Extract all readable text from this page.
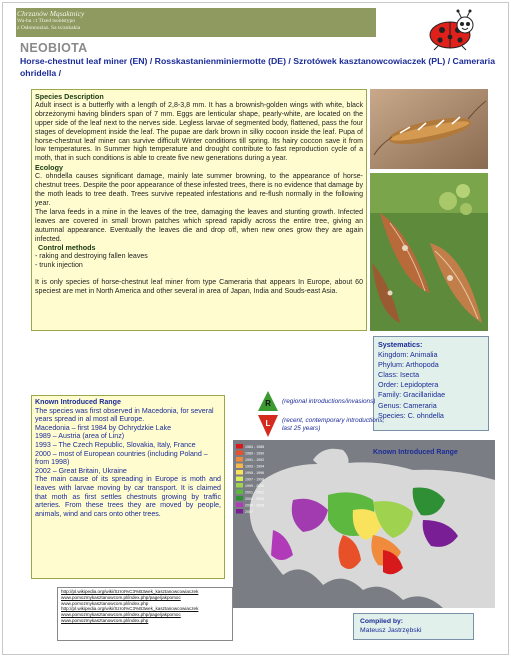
Chrzanów Mąsaktnicy
Wa-ba ::t Tlzed tsonłstypo
z Osłonnoziaz. Sa ts/ankakia
NEOBIOTA
Horse-chestnut leaf miner (EN) / Rosskastanienminiermotte (DE) / Szrotówek kasztanowcowiaczek (PL) / Cameraria ohridella /
Species Description

Adult insect is a butterfly with a length of 2,8-3,8 mm. It has a brownish-golden wings with white, black obrzeżonymi having blinders span of 7 mm. Eggs are lenticular shape, pearly-white, are located on the upper side of the leaf next to the nerves side. Legless larvae of segmented body, flattened, pass the four stages of development inside the leaf. The pupae are dark brown in silky cocoon inside the leaf. Pupa of horse-chestnut leaf miner can survive difficult Winter conditions till spring. Its hairy coccon save it from low temperatures. In Summer high temperature and drought contribute to fast reproduction cycle of a moth, that in such conditions is able to create five new generations during a year.

Ecology

C. ohndella causes significant damage, mainly late summer browning, to the appearance of horse-chestnut trees. Despite the poor appearance of these infested trees, there is no evidence that damage by the moth leads to tree death. Trees survive repeated infestations and re-flush normally in the following year.

The larva feeds in a mine in the leaves of the tree, damaging the leaves and stunting growth. Infected leaves are covered in small brown patches which spread rapidly across the entire tree, giving an autumnal appearance. Eventually the leaves die and drop off, when new ones grow they are again infected.

Control methods

- raking and destroying fallen leaves

- trunk injection

It is only species of horse-chestnut leaf miner from type Cameraria that appears In Europe, about 60 speciest are met in North America and other several in area of Japan, India and Souds-east Asia.

Systematics:
Kingdom: Animalia
Phylum: Arthopoda
Class: Isecta
Order: Lepidoptera
Family: Gracillariidae
Genus: Cameraria
Species: C. ohndella
Known Introduced Range

The species was first observed in Macedonia, for several years spread in al most all Europe.

Macedonia – first 1984 by Ochrydzkie Lake

1989 – Austria (area of Linz)

1993 – The Czech Republic, Slovakia, Italy, France

2000 – most of European countries (including Poland – from 1998)

2002 – Great Britain, Ukraine

The main cause of its spreading in Europe is moth and leaves with larvae moving by car transport. It is claimed that moth as first settles chestnuts growing by traffic arteries. From these trees they are moved by people, animals, wind and cars onto other trees.

R
L
(regional introductions/invasions)
(recent, contemporary introductions, last 25 years)
1984 - 1988
1989 - 1990
1991 - 1992
1993 - 1994
1995 - 1996
1997 - 1998
1999 - 2000
2001 - 2002
2003 - 2004
2005 - 2006
2007
Known Introduced Range
http://pl.wikipedia.org/wiki/Szrot%C3%B3wek_kasztanowcowiaczek
www.pomozmykasztanowcom.pl/index.php/page/jakpomoc
www.pomozmykasztanowcom.pl/index.php
http://pl.wikipedia.org/wiki/Szrot%C3%B3wek_kasztanowcowiaczek
www.pomozmykasztanowcom.pl/index.php/page/jakpomoc
www.pomozmykasztanowcom.pl/index.php	Compiled by:
Mateusz Jastrzębski
